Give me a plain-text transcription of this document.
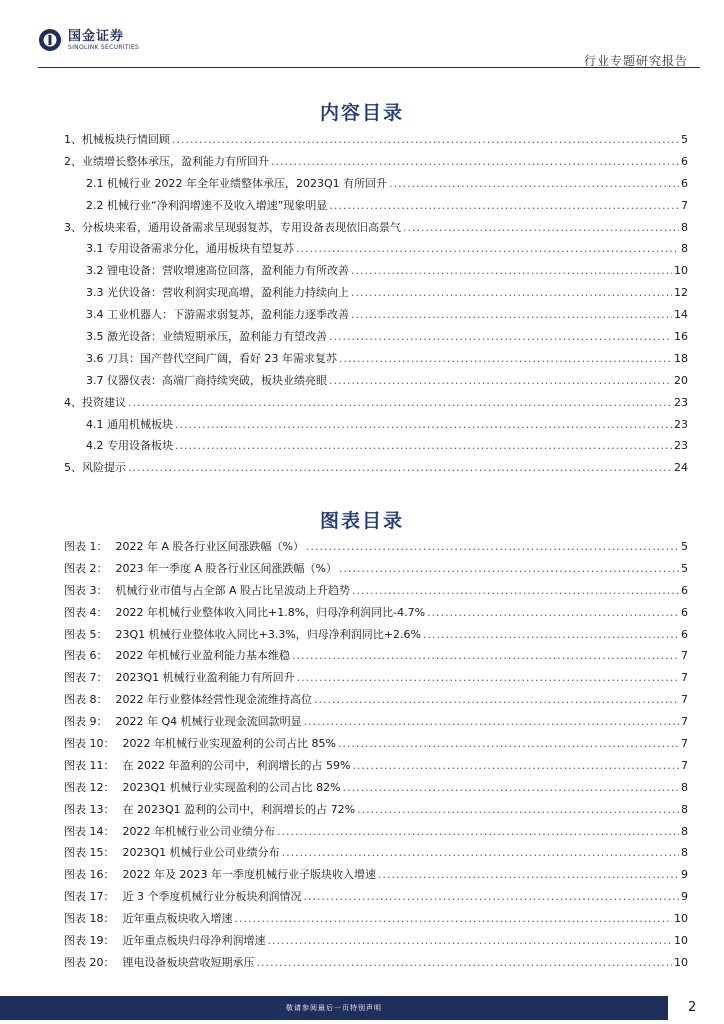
国金证券
SINOLINK SECURITIES
行业专题研究报告
内容目录
1、机械板块行情回顾 .....	5
2、业绩增长整体承压，盈利能力有所回升 .....	6
2.1 机械行业 2022 年全年业绩整体承压，2023Q1 有所回升 .....	6
2.2 机械行业“净利润增速不及收入增速”现象明显 .....	7
3、分板块来看，通用设备需求呈现弱复苏，专用设备表现依旧高景气 .....	8
3.1 专用设备需求分化，通用板块有望复苏 .....	8
3.2 锂电设备：营收增速高位回落，盈利能力有所改善 .....	10
3.3 光伏设备：营收利润实现高增，盈利能力持续向上 .....	12
3.4 工业机器人：下游需求弱复苏，盈利能力逐季改善 .....	14
3.5 激光设备：业绩短期承压，盈利能力有望改善 .....	16
3.6 刀具：国产替代空间广阔，看好 23 年需求复苏 .....	18
3.7 仪器仪表：高端厂商持续突破，板块业绩亮眼 .....	20
4、投资建议 .....	23
4.1 通用机械板块 .....	23
4.2 专用设备板块 .....	23
5、风险提示 .....	24
图表目录
图表 1： 2022 年 A 股各行业区间涨跌幅（%） .....	5
图表 2： 2023 年一季度 A 股各行业区间涨跌幅（%） .....	5
图表 3： 机械行业市值与占全部 A 股占比呈波动上升趋势 .....	6
图表 4： 2022 年机械行业整体收入同比+1.8%，归母净利润同比-4.7% .....	6
图表 5： 23Q1 机械行业整体收入同比+3.3%，归母净利润同比+2.6% .....	6
图表 6： 2022 年机械行业盈利能力基本维稳 .....	7
图表 7： 2023Q1 机械行业盈利能力有所回升 .....	7
图表 8： 2022 年行业整体经营性现金流维持高位 .....	7
图表 9： 2022 年 Q4 机械行业现金流回款明显 .....	7
图表 10： 2022 年机械行业实现盈利的公司占比 85% .....	7
图表 11： 在 2022 年盈利的公司中，利润增长的占 59% .....	7
图表 12： 2023Q1 机械行业实现盈利的公司占比 82% .....	8
图表 13： 在 2023Q1 盈利的公司中，利润增长的占 72% .....	8
图表 14： 2022 年机械行业公司业绩分布 .....	8
图表 15： 2023Q1 机械行业公司业绩分布 .....	8
图表 16： 2022 年及 2023 年一季度机械行业子版块收入增速 .....	9
图表 17： 近 3 个季度机械行业分板块利润情况 .....	9
图表 18： 近年重点板块收入增速 .....	10
图表 19： 近年重点板块归母净利润增速 .....	10
图表 20： 锂电设备板块营收短期承压 .....	10
敬请参阅最后一页特别声明	2
